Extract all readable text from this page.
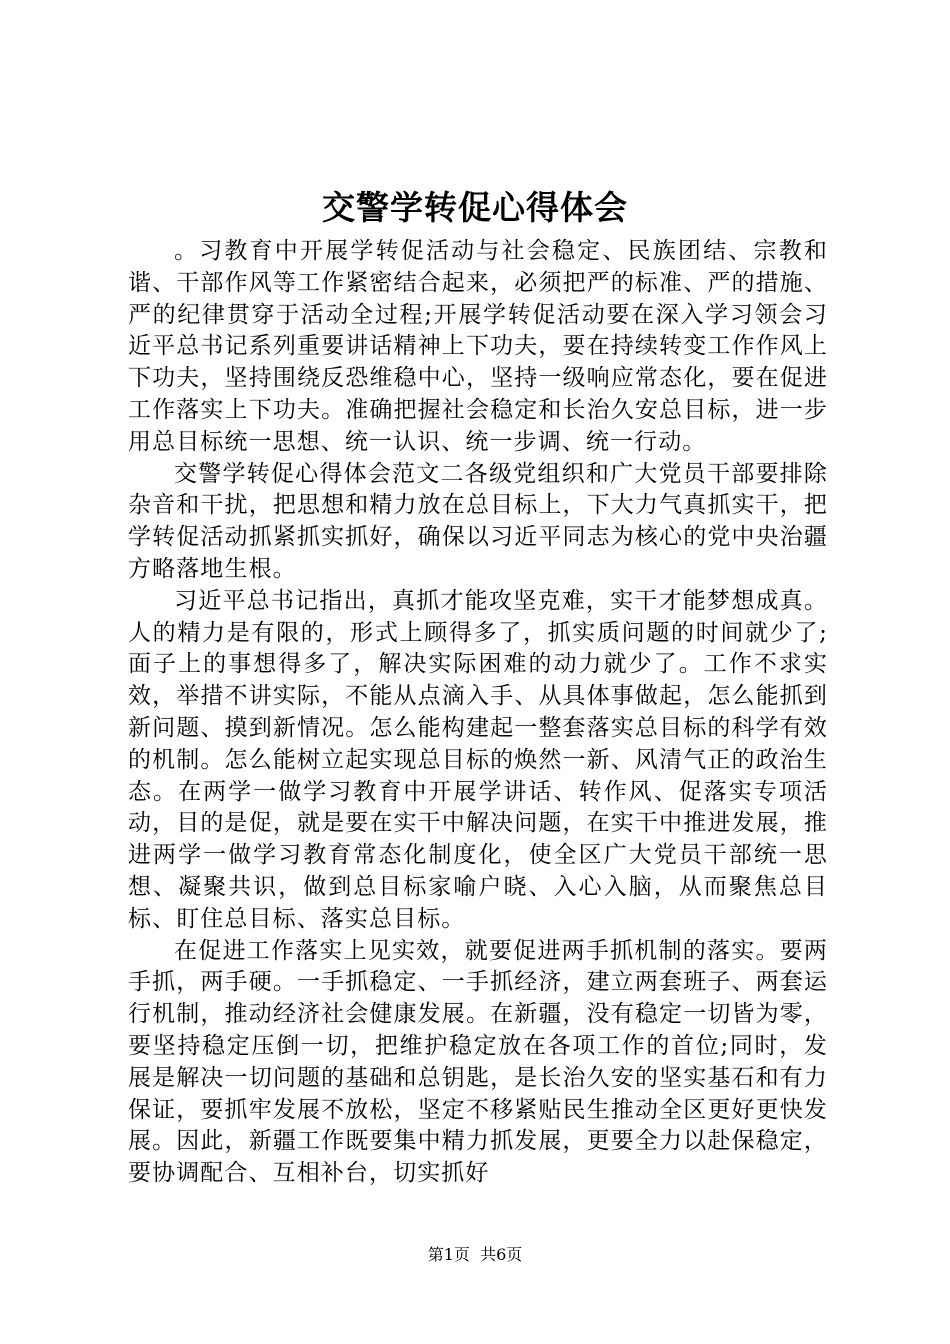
交警学转促心得体会

。习教育中开展学转促活动与社会稳定、民族团结、宗教和谐、干部作风等工作紧密结合起来，必须把严的标准、严的措施、严的纪律贯穿于活动全过程;开展学转促活动要在深入学习领会习近平总书记系列重要讲话精神上下功夫，要在持续转变工作作风上下功夫，坚持围绕反恐维稳中心，坚持一级响应常态化，要在促进工作落实上下功夫。准确把握社会稳定和长治久安总目标，进一步用总目标统一思想、统一认识、统一步调、统一行动。

交警学转促心得体会范文二各级党组织和广大党员干部要排除杂音和干扰，把思想和精力放在总目标上，下大力气真抓实干，把学转促活动抓紧抓实抓好，确保以习近平同志为核心的党中央治疆方略落地生根。

习近平总书记指出，真抓才能攻坚克难，实干才能梦想成真。人的精力是有限的，形式上顾得多了，抓实质问题的时间就少了;面子上的事想得多了，解决实际困难的动力就少了。工作不求实效，举措不讲实际，不能从点滴入手、从具体事做起，怎么能抓到新问题、摸到新情况。怎么能构建起一整套落实总目标的科学有效的机制。怎么能树立起实现总目标的焕然一新、风清气正的政治生态。在两学一做学习教育中开展学讲话、转作风、促落实专项活动，目的是促，就是要在实干中解决问题，在实干中推进发展，推进两学一做学习教育常态化制度化，使全区广大党员干部统一思想、凝聚共识，做到总目标家喻户晓、入心入脑，从而聚焦总目标、盯住总目标、落实总目标。

在促进工作落实上见实效，就要促进两手抓机制的落实。要两手抓，两手硬。一手抓稳定、一手抓经济，建立两套班子、两套运行机制，推动经济社会健康发展。在新疆，没有稳定一切皆为零，要坚持稳定压倒一切，把维护稳定放在各项工作的首位;同时，发展是解决一切问题的基础和总钥匙，是长治久安的坚实基石和有力保证，要抓牢发展不放松，坚定不移紧贴民生推动全区更好更快发展。因此，新疆工作既要集中精力抓发展，更要全力以赴保稳定，要协调配合、互相补台，切实抓好

第1页 共6页
